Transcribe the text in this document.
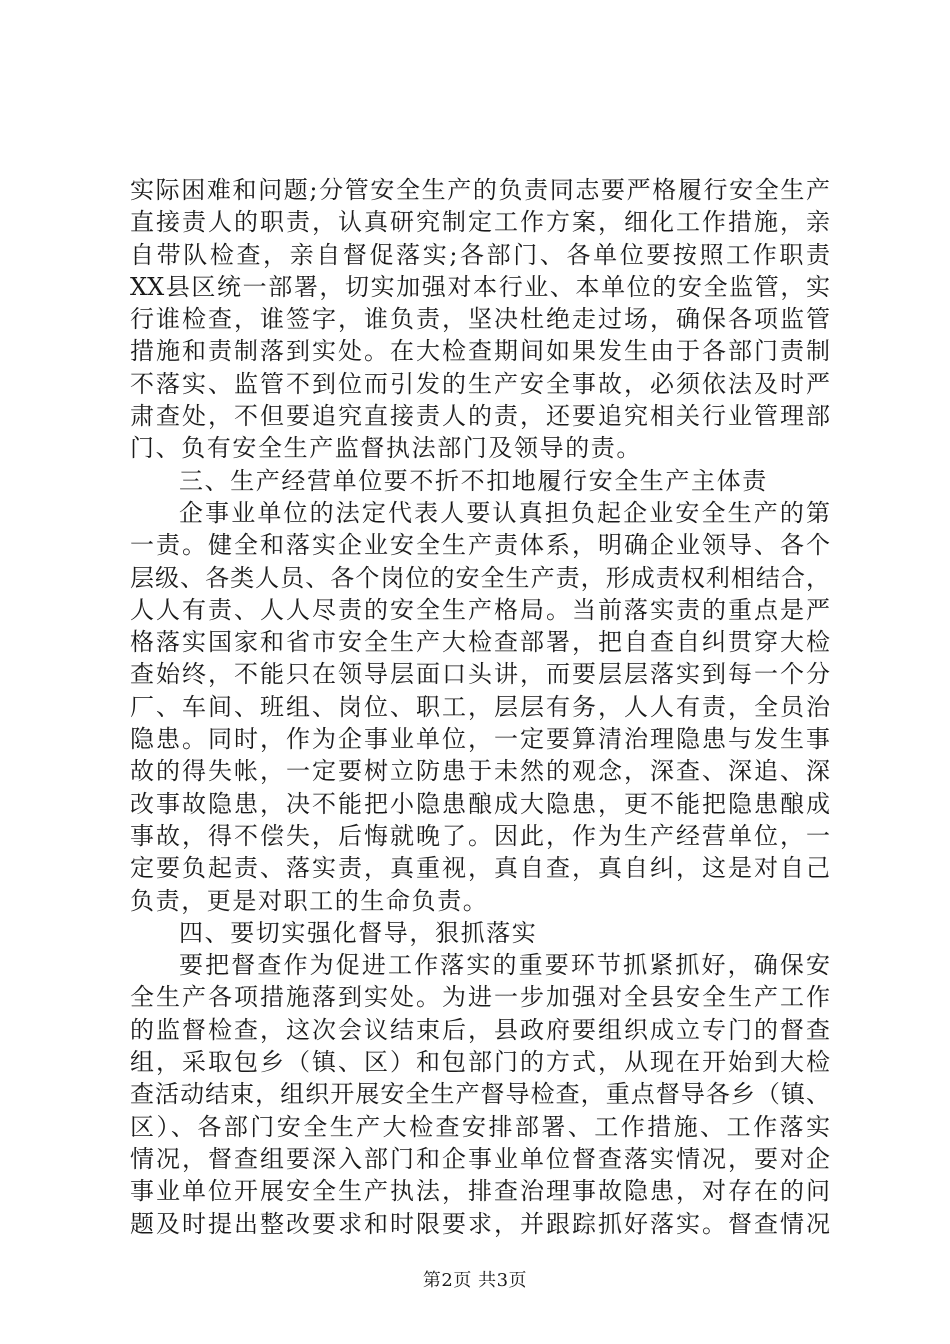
实际困难和问题;分管安全生产的负责同志要严格履行安全生产
直接责人的职责，认真研究制定工作方案，细化工作措施，亲
自带队检查，亲自督促落实;各部门、各单位要按照工作职责
XX县区统一部署，切实加强对本行业、本单位的安全监管，实
行谁检查，谁签字，谁负责，坚决杜绝走过场，确保各项监管
措施和责制落到实处。在大检查期间如果发生由于各部门责制
不落实、监管不到位而引发的生产安全事故，必须依法及时严
肃查处，不但要追究直接责人的责，还要追究相关行业管理部
门、负有安全生产监督执法部门及领导的责。
三、生产经营单位要不折不扣地履行安全生产主体责
企事业单位的法定代表人要认真担负起企业安全生产的第
一责。健全和落实企业安全生产责体系，明确企业领导、各个
层级、各类人员、各个岗位的安全生产责，形成责权利相结合，
人人有责、人人尽责的安全生产格局。当前落实责的重点是严
格落实国家和省市安全生产大检查部署，把自查自纠贯穿大检
查始终，不能只在领导层面口头讲，而要层层落实到每一个分
厂、车间、班组、岗位、职工，层层有务，人人有责，全员治
隐患。同时，作为企事业单位，一定要算清治理隐患与发生事
故的得失帐，一定要树立防患于未然的观念，深查、深追、深
改事故隐患，决不能把小隐患酿成大隐患，更不能把隐患酿成
事故，得不偿失，后悔就晚了。因此，作为生产经营单位，一
定要负起责、落实责，真重视，真自查，真自纠，这是对自己
负责，更是对职工的生命负责。
四、要切实强化督导，狠抓落实
要把督查作为促进工作落实的重要环节抓紧抓好，确保安
全生产各项措施落到实处。为进一步加强对全县安全生产工作
的监督检查，这次会议结束后，县政府要组织成立专门的督查
组，采取包乡（镇、区）和包部门的方式，从现在开始到大检
查活动结束，组织开展安全生产督导检查，重点督导各乡（镇、
区）、各部门安全生产大检查安排部署、工作措施、工作落实
情况，督查组要深入部门和企事业单位督查落实情况，要对企
事业单位开展安全生产执法，排查治理事故隐患，对存在的问
题及时提出整改要求和时限要求，并跟踪抓好落实。督查情况
第2页 共3页
